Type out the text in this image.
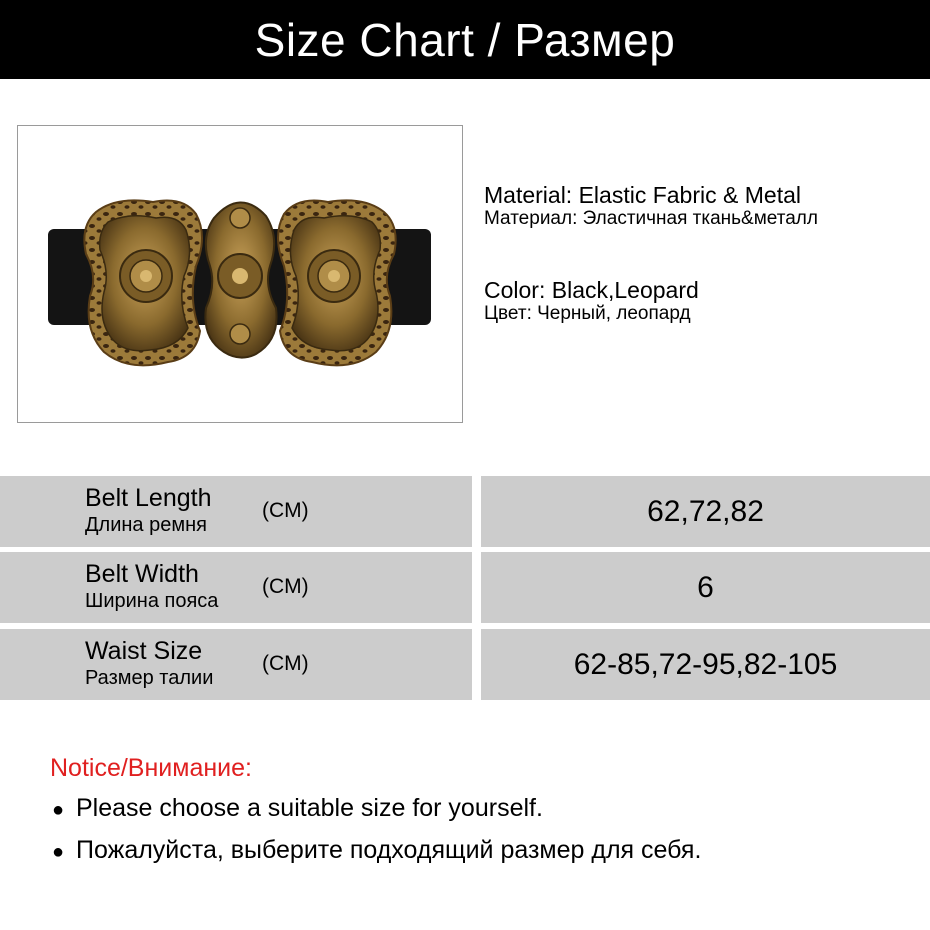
Size Chart / Размер
Material: Elastic Fabric & Metal
Материал: Эластичная ткань&металл
Color: Black,Leopard
Цвет: Черный, леопард
Belt Length
Длина ремня
(CM)	62,72,82
Belt Width
Ширина пояса
(CM)	6
Waist Size
Размер талии
(CM)	62-85,72-95,82-105
Notice/Внимание:
● Please choose a suitable size for yourself.
● Пожалуйста, выберите подходящий размер для себя.
